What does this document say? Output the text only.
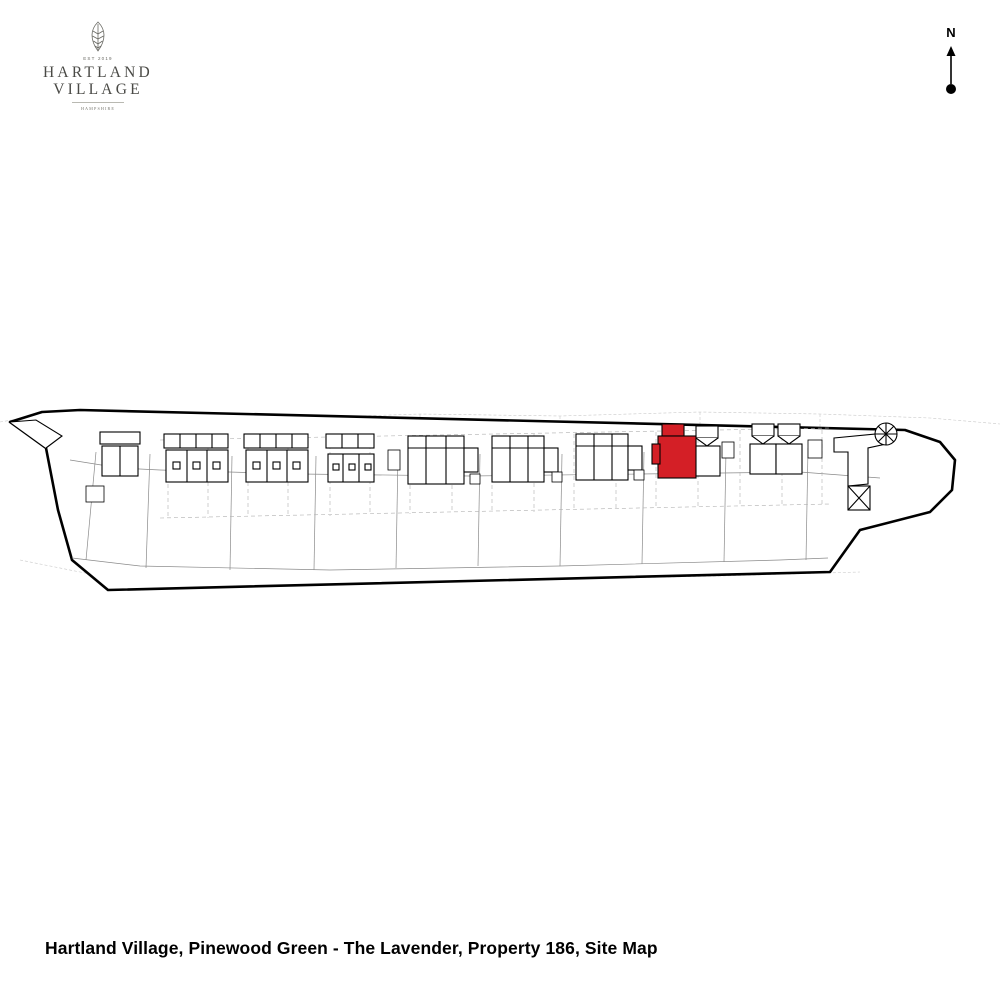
EST 2019
HARTLAND
VILLAGE
HAMPSHIRE
N
Hartland Village, Pinewood Green - The Lavender, Property 186, Site Map
